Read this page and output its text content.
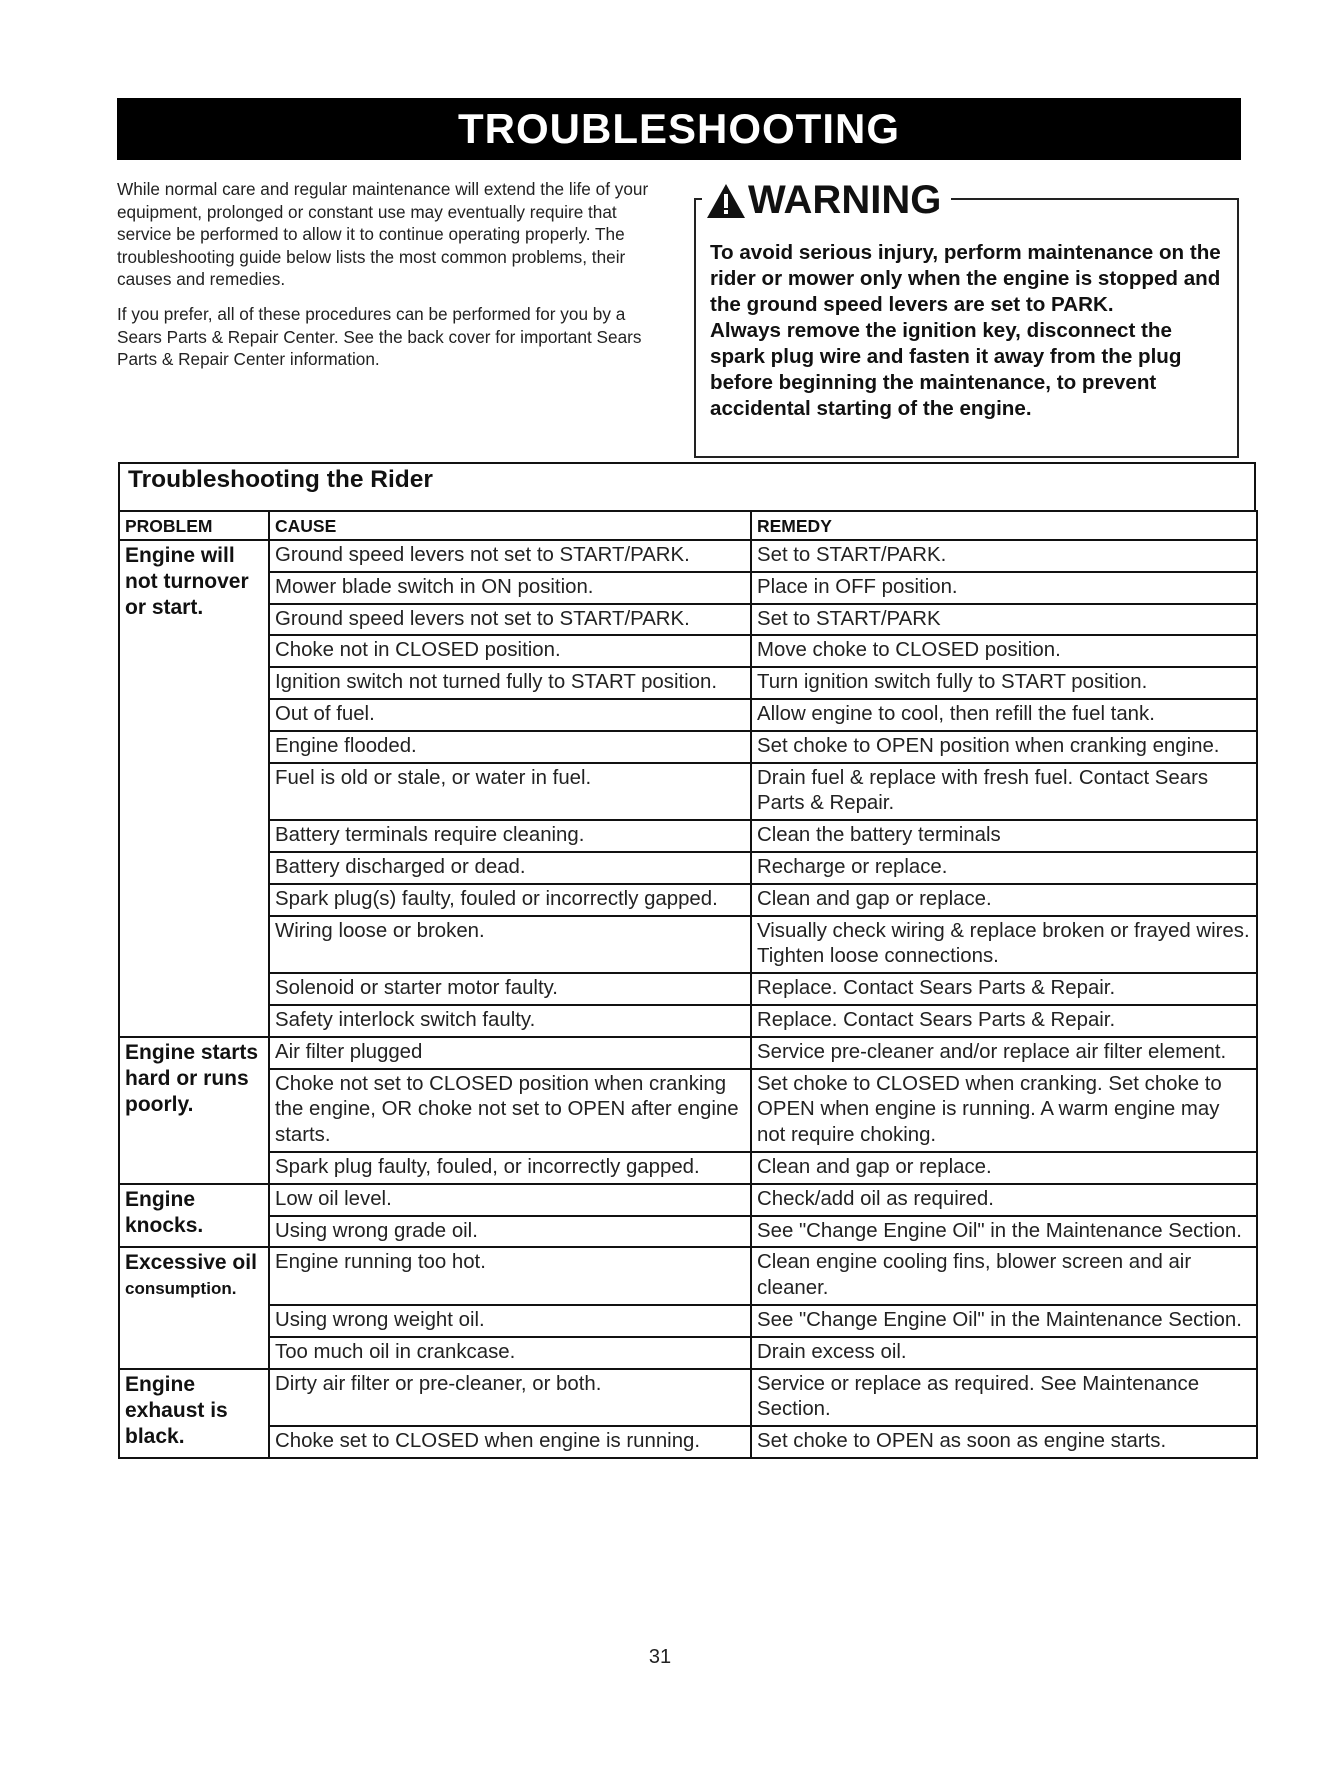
TROUBLESHOOTING

While normal care and regular maintenance will extend the life of your equipment, prolonged or constant use may eventually require that service be performed to allow it to continue operating properly. The troubleshooting guide below lists the most common problems, their causes and remedies.

If you prefer, all of these procedures can be performed for you by a Sears Parts & Repair Center. See the back cover for important Sears Parts & Repair Center information.

WARNING

To avoid serious injury, perform maintenance on the rider or mower only when the engine is stopped and the ground speed levers are set to PARK.

Always remove the ignition key, disconnect the spark plug wire and fasten it away from the plug before beginning the maintenance, to prevent accidental starting of the engine.

Troubleshooting the Rider
PROBLEM	CAUSE	REMEDY

Engine will not turnover or start.	Ground speed levers not set to START/PARK.	Set to START/PARK.
	Mower blade switch in ON position.	Place in OFF position.
	Ground speed levers not set to START/PARK.	Set to START/PARK
	Choke not in CLOSED position.	Move choke to CLOSED position.
	Ignition switch not turned fully to START position.	Turn ignition switch fully to START position.
	Out of fuel.	Allow engine to cool, then refill the fuel tank.
	Engine flooded.	Set choke to OPEN position when cranking engine.
	Fuel is old or stale, or water in fuel.	Drain fuel & replace with fresh fuel. Contact Sears Parts & Repair.
	Battery terminals require cleaning.	Clean the battery terminals
	Battery discharged or dead.	Recharge or replace.
	Spark plug(s) faulty, fouled or incorrectly gapped.	Clean and gap or replace.
	Wiring loose or broken.	Visually check wiring & replace broken or frayed wires. Tighten loose connections.
	Solenoid or starter motor faulty.	Replace. Contact Sears Parts & Repair.
	Safety interlock switch faulty.	Replace. Contact Sears Parts & Repair.

Engine starts hard or runs poorly.	Air filter plugged	Service pre-cleaner and/or replace air filter element.
	Choke not set to CLOSED position when cranking the engine, OR choke not set to OPEN after engine starts.	Set choke to CLOSED when cranking. Set choke to OPEN when engine is running. A warm engine may not require choking.
	Spark plug faulty, fouled, or incorrectly gapped.	Clean and gap or replace.

Engine knocks.	Low oil level.	Check/add oil as required.
	Using wrong grade oil.	See "Change Engine Oil" in the Maintenance Section.

Excessive oil
consumption.	Engine running too hot.	Clean engine cooling fins, blower screen and air cleaner.
	Using wrong weight oil.	See "Change Engine Oil" in the Maintenance Section.
	Too much oil in crankcase.	Drain excess oil.

Engine exhaust is black.	Dirty air filter or pre-cleaner, or both.	Service or replace as required. See Maintenance Section.
	Choke set to CLOSED when engine is running.	Set choke to OPEN as soon as engine starts.
31
